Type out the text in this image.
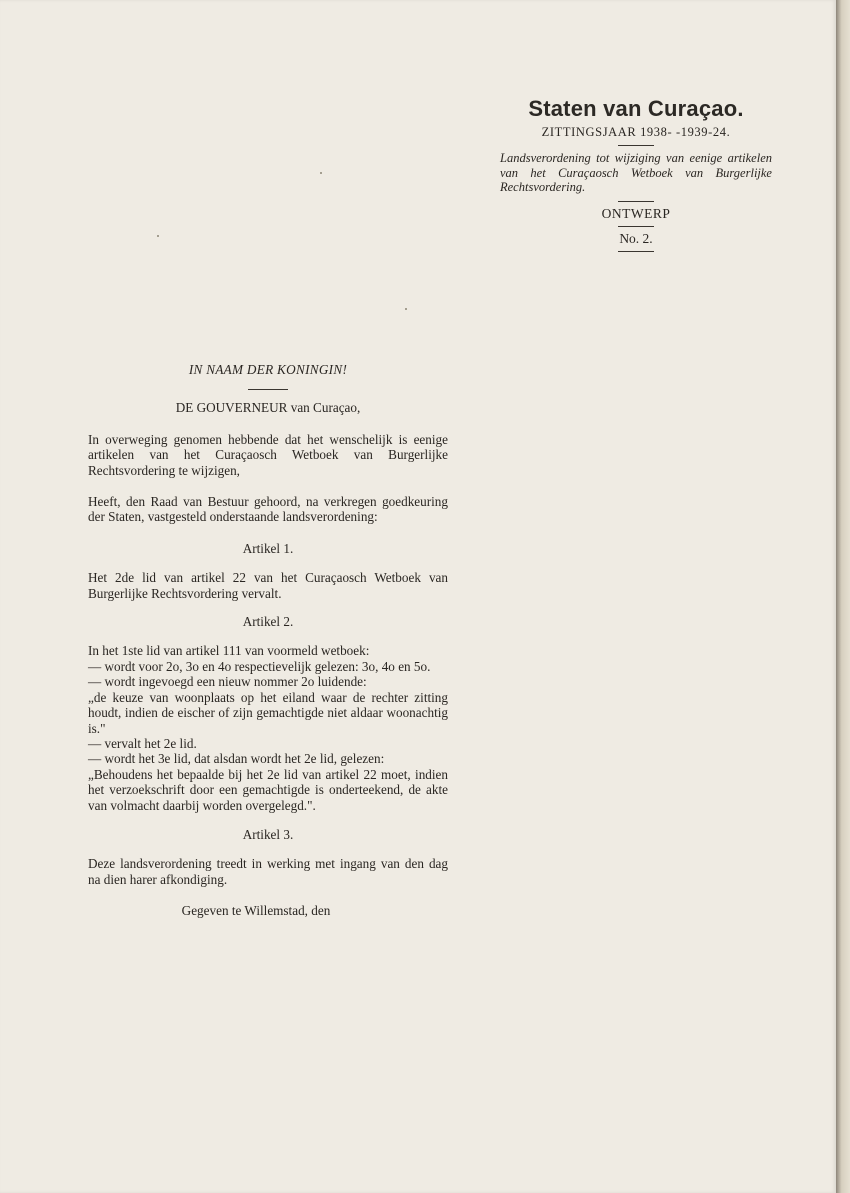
Staten van Curaçao.

ZITTINGSJAAR 1938- -1939-24.

Landsverordening tot wijziging van eenige artikelen van het Curaçaosch Wetboek van Burgerlijke Rechtsvordering.

ONTWERP

No. 2.

IN NAAM DER KONINGIN!

DE GOUVERNEUR van Curaçao,

In overweging genomen hebbende dat het wenschelijk is eenige artikelen van het Curaçaosch Wetboek van Burgerlijke Rechtsvordering te wijzigen,

Heeft, den Raad van Bestuur gehoord, na verkregen goedkeuring der Staten, vastgesteld onderstaande landsverordening:

Artikel 1.

Het 2de lid van artikel 22 van het Curaçaosch Wetboek van Burgerlijke Rechtsvordering vervalt.

Artikel 2.

In het 1ste lid van artikel 111 van voormeld wetboek:

— wordt voor 2o, 3o en 4o respectievelijk gelezen: 3o, 4o en 5o.

— wordt ingevoegd een nieuw nommer 2o luidende:

„de keuze van woonplaats op het eiland waar de rechter zitting houdt, indien de eischer of zijn gemachtigde niet aldaar woonachtig is."

— vervalt het 2e lid.

— wordt het 3e lid, dat alsdan wordt het 2e lid, gelezen:

„Behoudens het bepaalde bij het 2e lid van artikel 22 moet, indien het verzoekschrift door een gemachtigde is onderteekend, de akte van volmacht daarbij worden overgelegd.".

Artikel 3.

Deze landsverordening treedt in werking met ingang van den dag na dien harer afkondiging.

Gegeven te Willemstad, den
